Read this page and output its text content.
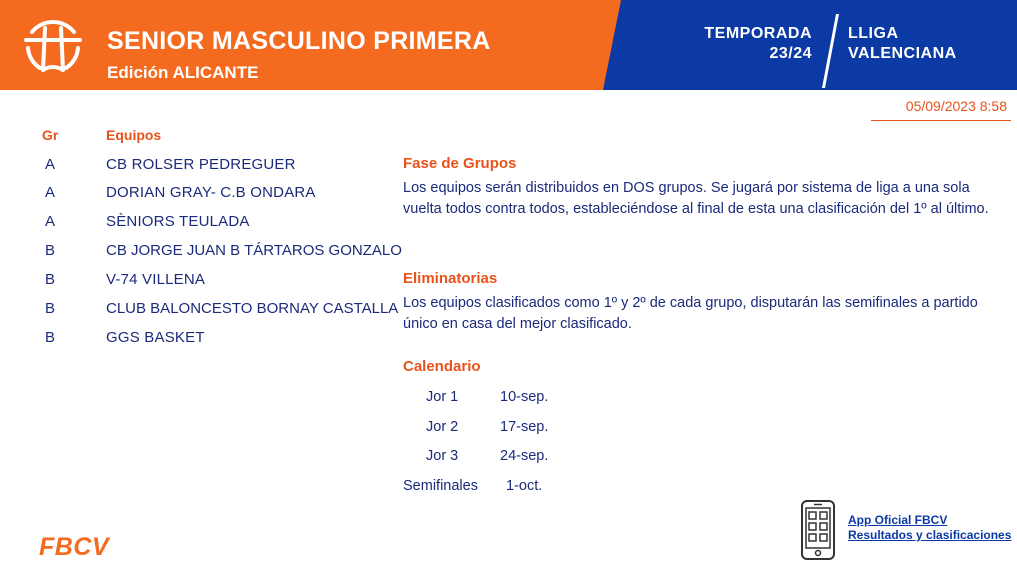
SENIOR MASCULINO PRIMERA
Edición ALICANTE
TEMPORADA
23/24
LLIGA
VALENCIANA
05/09/2023 8:58
Gr	Equipos
A	CB ROLSER PEDREGUER
A	DORIAN GRAY- C.B ONDARA
A	SÈNIORS TEULADA
B	CB JORGE JUAN B TÁRTAROS GONZALO
B	V-74 VILLENA
B	CLUB BALONCESTO BORNAY CASTALLA
B	GGS BASKET
Fase de Grupos
Los equipos serán distribuidos en DOS grupos. Se jugará por sistema de liga a una sola vuelta todos contra todos, estableciéndose al final de esta una clasificación del 1º al último.
Eliminatorias
Los equipos clasificados como 1º y 2º de cada grupo, disputarán las semifinales a partido único en casa del mejor clasificado.
Calendario
Jor 1	10-sep.
Jor 2	17-sep.
Jor 3	24-sep.
Semifinales 1-oct.
FBCV
App Oficial FBCV
Resultados y clasificaciones
